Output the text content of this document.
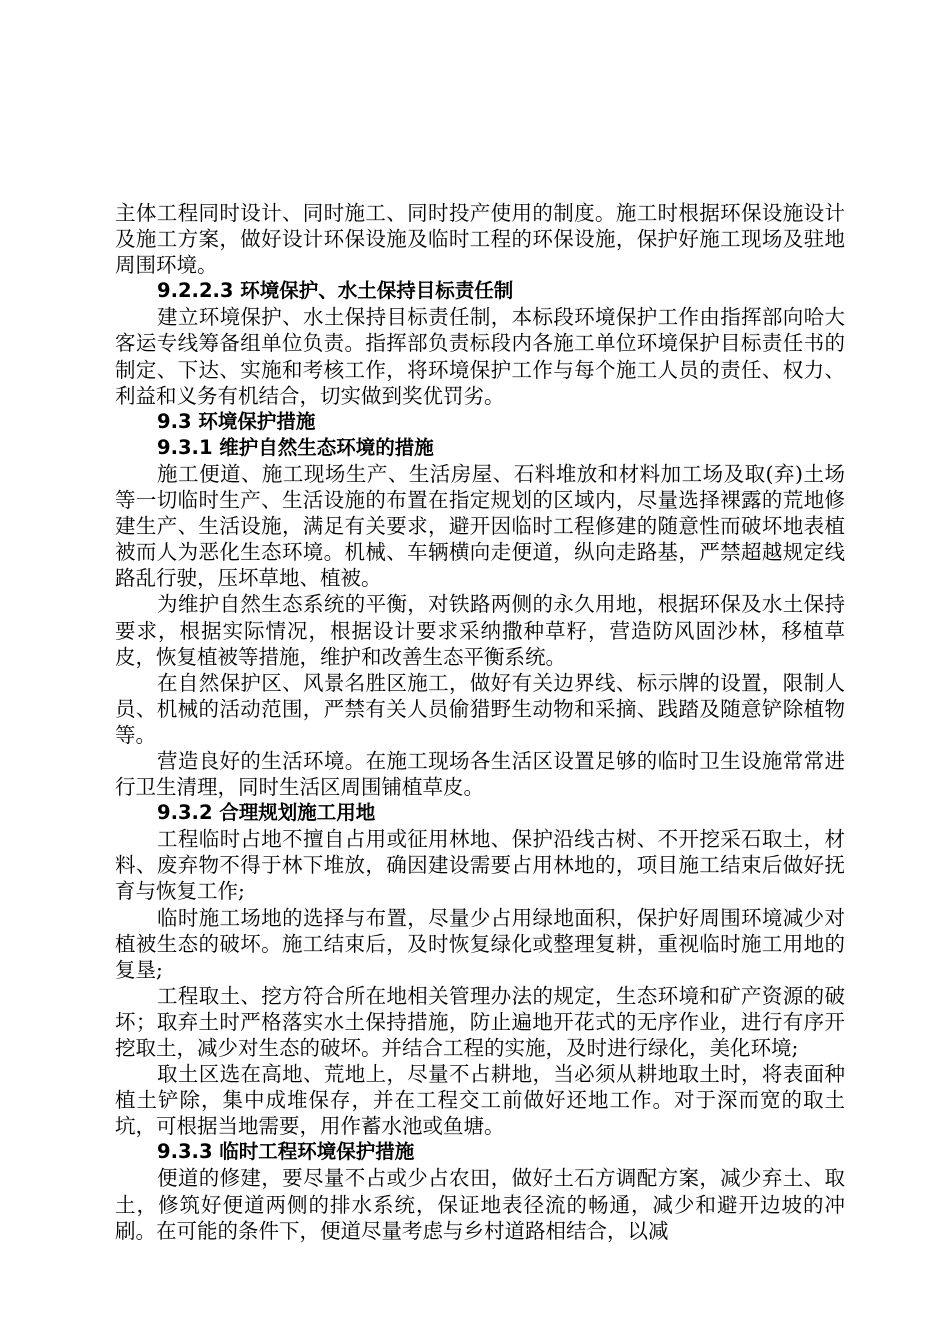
主体工程同时设计、同时施工、同时投产使用的制度。施工时根据环保设施设计及施工方案，做好设计环保设施及临时工程的环保设施，保护好施工现场及驻地周围环境。

9.2.2.3 环境保护、水土保持目标责任制

建立环境保护、水土保持目标责任制，本标段环境保护工作由指挥部向哈大客运专线筹备组单位负责。指挥部负责标段内各施工单位环境保护目标责任书的制定、下达、实施和考核工作，将环境保护工作与每个施工人员的责任、权力、利益和义务有机结合，切实做到奖优罚劣。

9.3 环境保护措施

9.3.1 维护自然生态环境的措施

施工便道、施工现场生产、生活房屋、石料堆放和材料加工场及取(弃)土场等一切临时生产、生活设施的布置在指定规划的区域内，尽量选择裸露的荒地修建生产、生活设施，满足有关要求，避开因临时工程修建的随意性而破坏地表植被而人为恶化生态环境。机械、车辆横向走便道，纵向走路基，严禁超越规定线路乱行驶，压坏草地、植被。

为维护自然生态系统的平衡，对铁路两侧的永久用地，根据环保及水土保持要求，根据实际情况，根据设计要求采纳撒种草籽，营造防风固沙林，移植草皮，恢复植被等措施，维护和改善生态平衡系统。

在自然保护区、风景名胜区施工，做好有关边界线、标示牌的设置，限制人员、机械的活动范围，严禁有关人员偷猎野生动物和采摘、践踏及随意铲除植物等。

营造良好的生活环境。在施工现场各生活区设置足够的临时卫生设施常常进行卫生清理，同时生活区周围铺植草皮。

9.3.2 合理规划施工用地

工程临时占地不擅自占用或征用林地、保护沿线古树、不开挖采石取土，材料、废弃物不得于林下堆放，确因建设需要占用林地的，项目施工结束后做好抚育与恢复工作;

临时施工场地的选择与布置，尽量少占用绿地面积，保护好周围环境减少对植被生态的破坏。施工结束后，及时恢复绿化或整理复耕，重视临时施工用地的复垦;

工程取土、挖方符合所在地相关管理办法的规定，生态环境和矿产资源的破坏；取弃土时严格落实水土保持措施，防止遍地开花式的无序作业，进行有序开挖取土，减少对生态的破坏。并结合工程的实施，及时进行绿化，美化环境;

取土区选在高地、荒地上，尽量不占耕地，当必须从耕地取土时，将表面种植土铲除，集中成堆保存，并在工程交工前做好还地工作。对于深而宽的取土坑，可根据当地需要，用作蓄水池或鱼塘。

9.3.3 临时工程环境保护措施

便道的修建，要尽量不占或少占农田，做好土石方调配方案，减少弃土、取土，修筑好便道两侧的排水系统，保证地表径流的畅通，减少和避开边坡的冲刷。在可能的条件下，便道尽量考虑与乡村道路相结合，以减
